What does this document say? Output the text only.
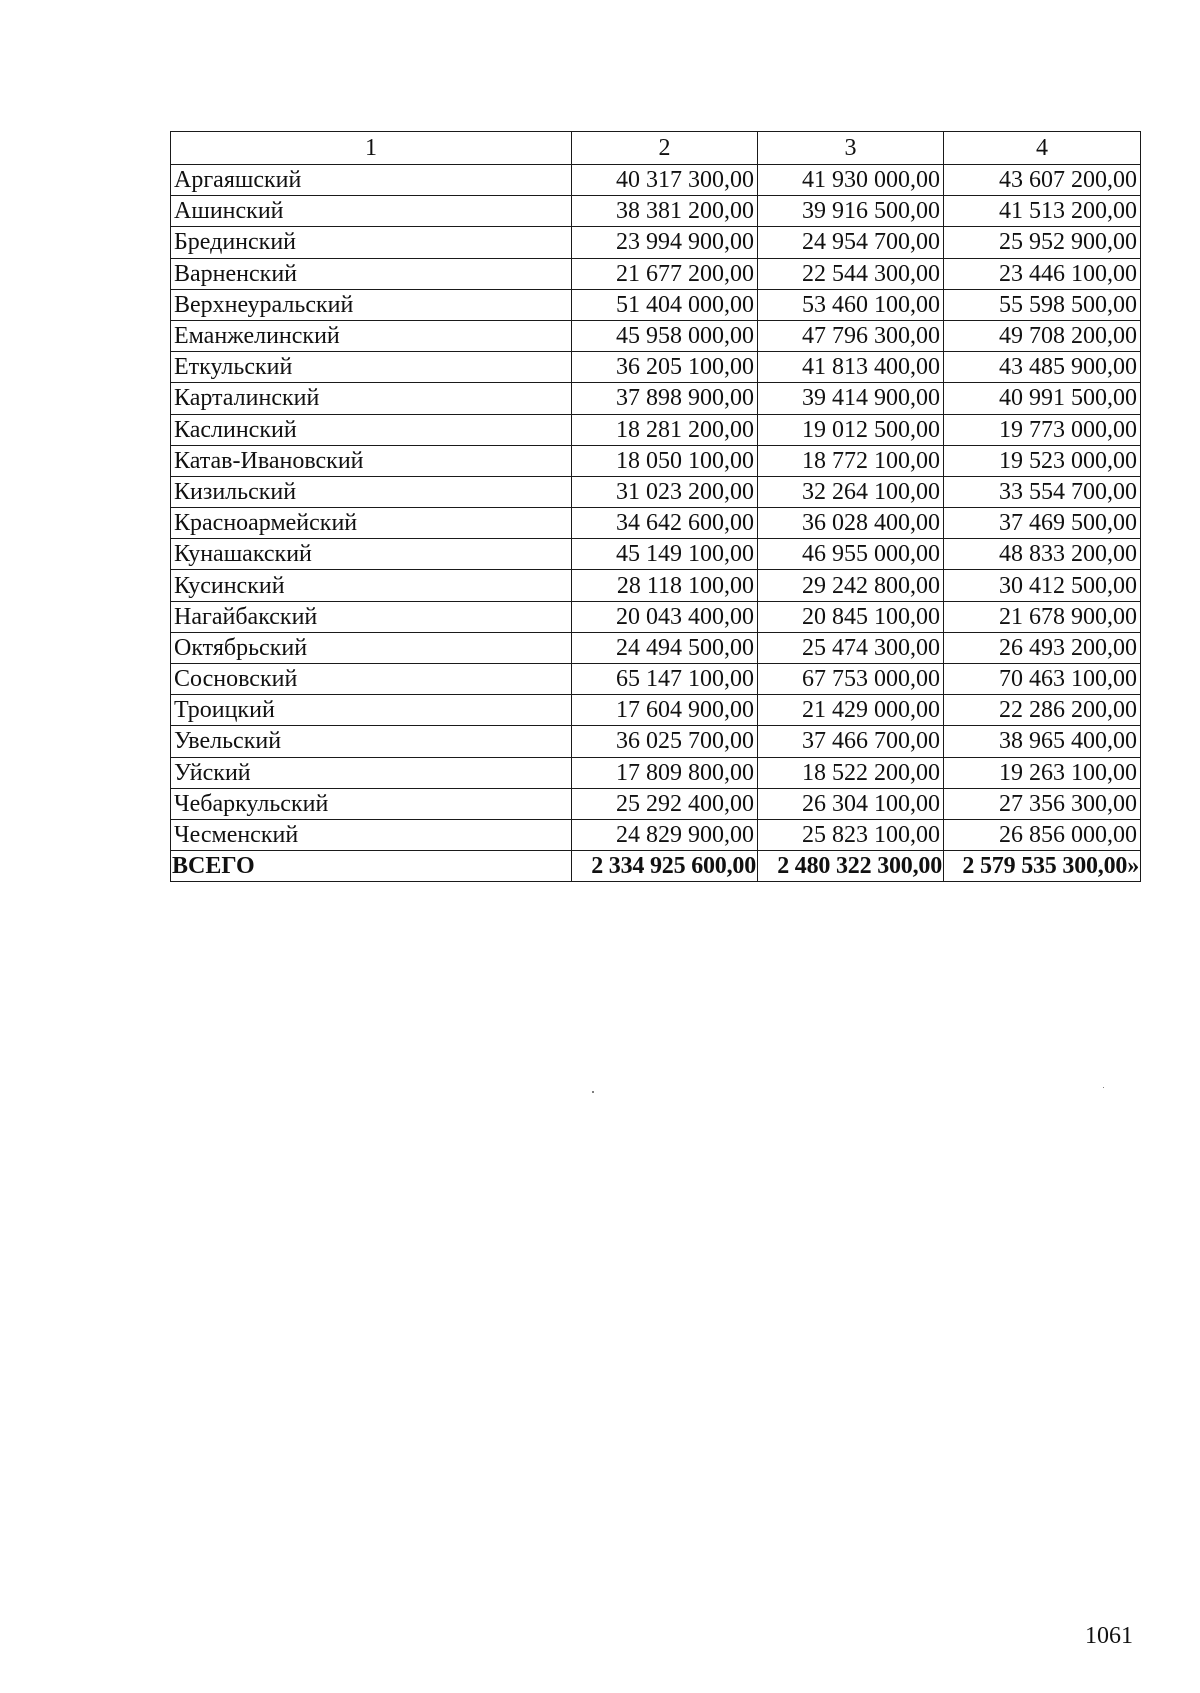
1	2	3	4
Аргаяшский	40 317 300,00	41 930 000,00	43 607 200,00
Ашинский	38 381 200,00	39 916 500,00	41 513 200,00
Брединский	23 994 900,00	24 954 700,00	25 952 900,00
Варненский	21 677 200,00	22 544 300,00	23 446 100,00
Верхнеуральский	51 404 000,00	53 460 100,00	55 598 500,00
Еманжелинский	45 958 000,00	47 796 300,00	49 708 200,00
Еткульский	36 205 100,00	41 813 400,00	43 485 900,00
Карталинский	37 898 900,00	39 414 900,00	40 991 500,00
Каслинский	18 281 200,00	19 012 500,00	19 773 000,00
Катав-Ивановский	18 050 100,00	18 772 100,00	19 523 000,00
Кизильский	31 023 200,00	32 264 100,00	33 554 700,00
Красноармейский	34 642 600,00	36 028 400,00	37 469 500,00
Кунашакский	45 149 100,00	46 955 000,00	48 833 200,00
Кусинский	28 118 100,00	29 242 800,00	30 412 500,00
Нагайбакский	20 043 400,00	20 845 100,00	21 678 900,00
Октябрьский	24 494 500,00	25 474 300,00	26 493 200,00
Сосновский	65 147 100,00	67 753 000,00	70 463 100,00
Троицкий	17 604 900,00	21 429 000,00	22 286 200,00
Увельский	36 025 700,00	37 466 700,00	38 965 400,00
Уйский	17 809 800,00	18 522 200,00	19 263 100,00
Чебаркульский	25 292 400,00	26 304 100,00	27 356 300,00
Чесменский	24 829 900,00	25 823 100,00	26 856 000,00
ВСЕГО	2 334 925 600,00	2 480 322 300,00	2 579 535 300,00»
1061
